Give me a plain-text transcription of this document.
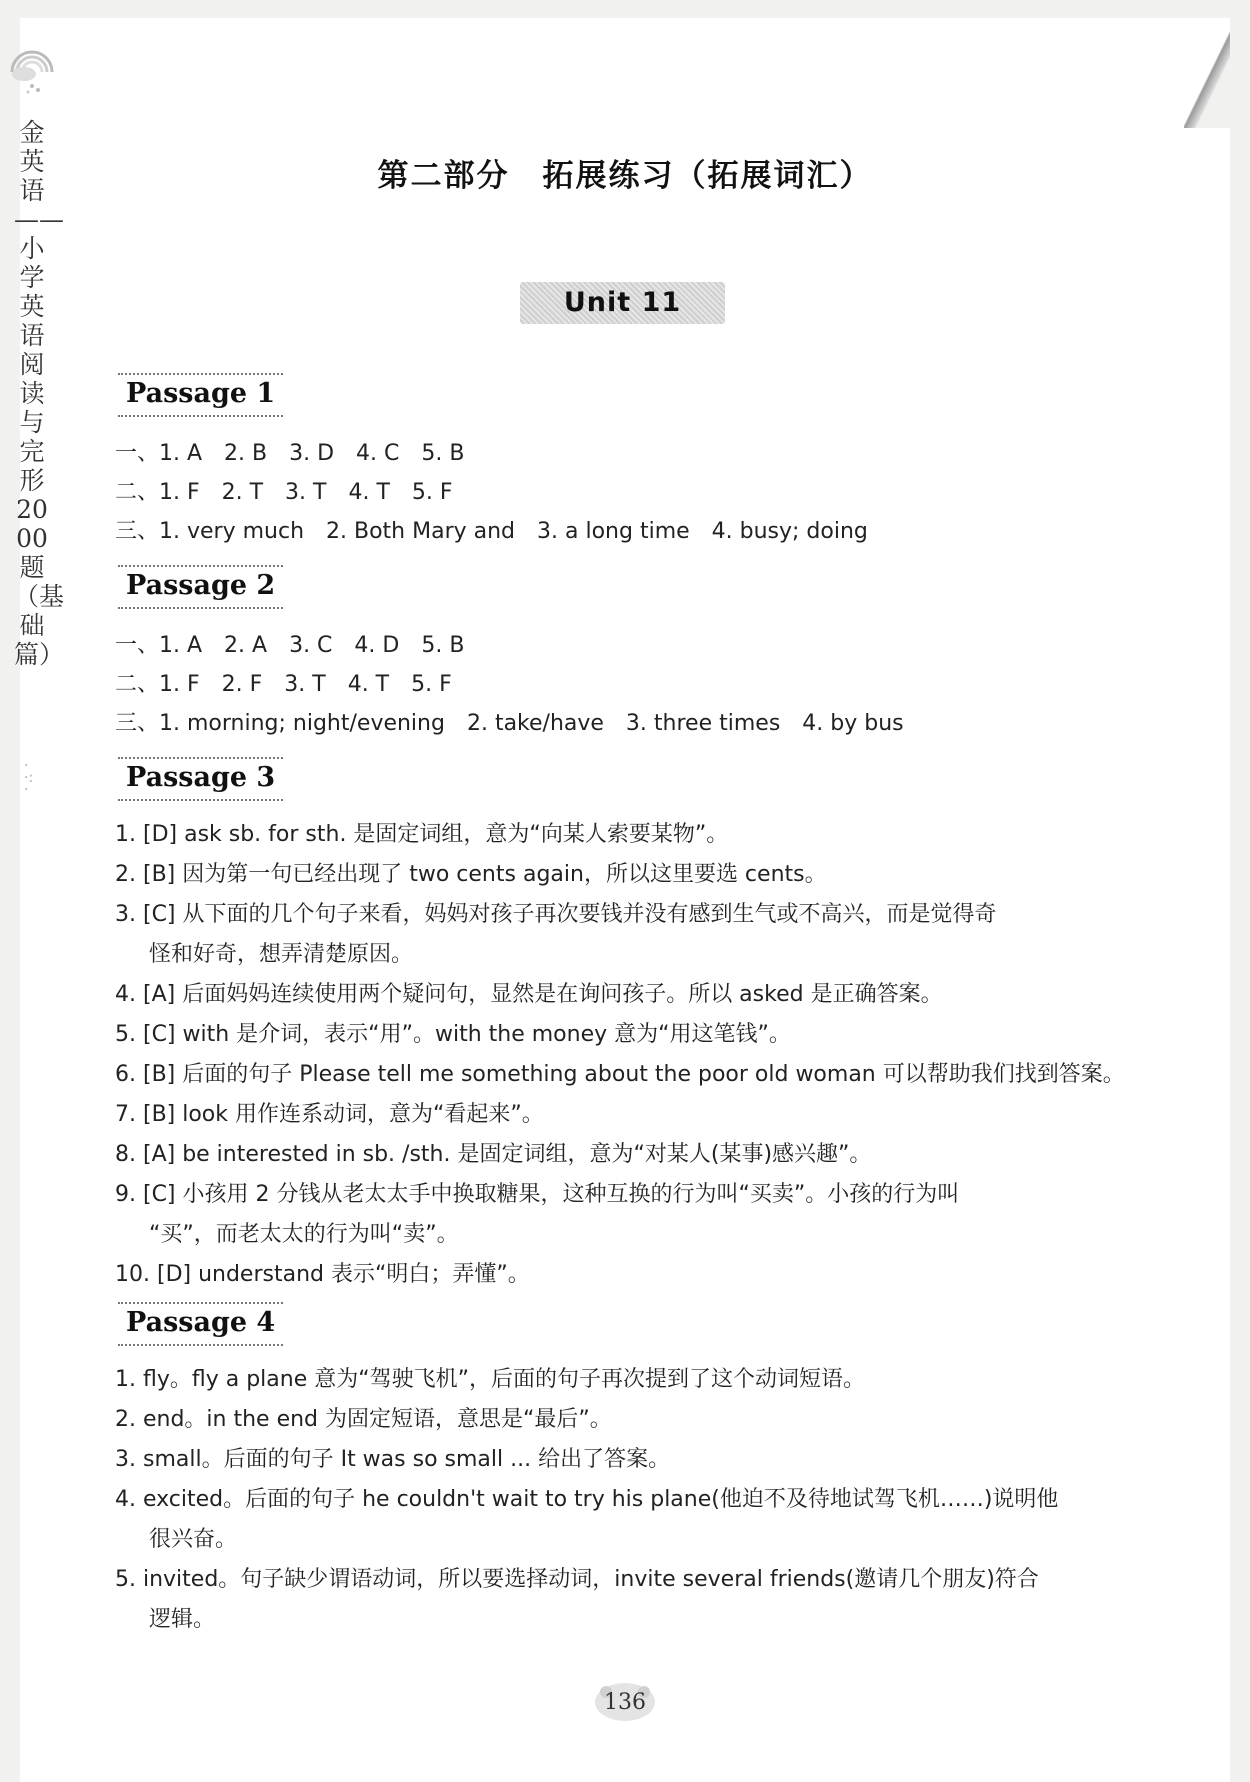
金英语——小学英语阅读与完形2000题（基础篇）
·
·:
·
第二部分　拓展练习（拓展词汇）
Unit 11
Passage 1
一、1. A　2. B　3. D　4. C　5. B
二、1. F　2. T　3. T　4. T　5. F
三、1. very much　2. Both Mary and　3. a long time　4. busy; doing
Passage 2
一、1. A　2. A　3. C　4. D　5. B
二、1. F　2. F　3. T　4. T　5. F
三、1. morning; night/evening　2. take/have　3. three times　4. by bus
Passage 3
1. [D] ask sb. for sth. 是固定词组，意为“向某人索要某物”。
2. [B] 因为第一句已经出现了 two cents again，所以这里要选 cents。
3. [C] 从下面的几个句子来看，妈妈对孩子再次要钱并没有感到生气或不高兴，而是觉得奇
怪和好奇，想弄清楚原因。
4. [A] 后面妈妈连续使用两个疑问句，显然是在询问孩子。所以 asked 是正确答案。
5. [C] with 是介词，表示“用”。with the money 意为“用这笔钱”。
6. [B] 后面的句子 Please tell me something about the poor old woman 可以帮助我们找到答案。
7. [B] look 用作连系动词，意为“看起来”。
8. [A] be interested in sb. /sth. 是固定词组，意为“对某人(某事)感兴趣”。
9. [C] 小孩用 2 分钱从老太太手中换取糖果，这种互换的行为叫“买卖”。小孩的行为叫
“买”，而老太太的行为叫“卖”。
10. [D] understand 表示“明白；弄懂”。
Passage 4
1. fly。fly a plane 意为“驾驶飞机”，后面的句子再次提到了这个动词短语。
2. end。in the end 为固定短语，意思是“最后”。
3. small。后面的句子 It was so small ... 给出了答案。
4. excited。后面的句子 he couldn't wait to try his plane(他迫不及待地试驾飞机……)说明他
很兴奋。
5. invited。句子缺少谓语动词，所以要选择动词，invite several friends(邀请几个朋友)符合
逻辑。
136
